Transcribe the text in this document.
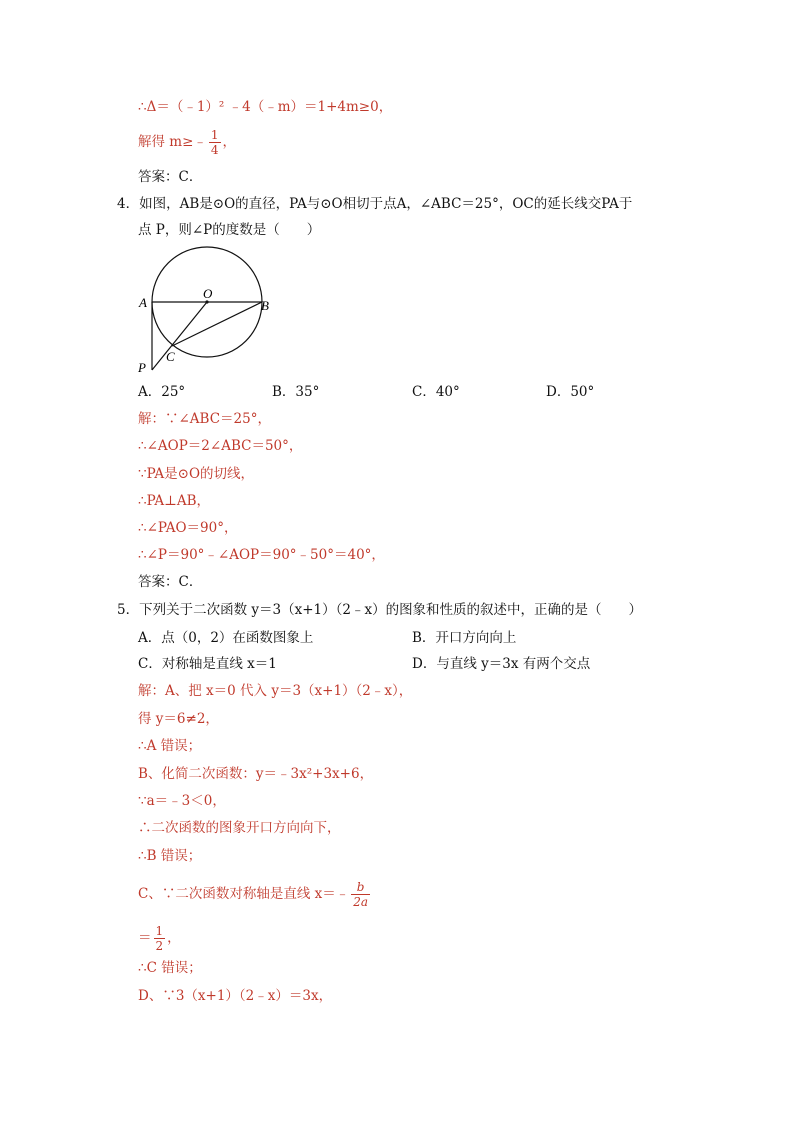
∴Δ＝（﹣1）² ﹣4（﹣m）＝1+4m≥0，
解得 m≥﹣ $\frac{1}{4}$ ，
答案：C．
4．如图，AB是⊙O的直径，PA与⊙O相切于点A，∠ABC＝25°，OC的延长线交PA于
点 P，则∠P的度数是（　　）
O
A	B
C
P
A．25°	B．35°	C．40°	D．50°
解：∵∠ABC＝25°，
∴∠AOP＝2∠ABC＝50°，
∵PA是⊙O的切线，
∴PA⊥AB，
∴∠PAO＝90°，
∴∠P＝90°﹣∠AOP＝90°﹣50°＝40°，
答案：C．
5．下列关于二次函数 y＝3（x+1）（2﹣x）的图象和性质的叙述中，正确的是（　　）
A．点（0，2）在函数图象上	B．开口方向向上
C．对称轴是直线 x＝1	D．与直线 y＝3x 有两个交点
解：A、把 x＝0 代入 y＝3（x+1）（2﹣x），
得 y＝6≠2，
∴A 错误；
B、化简二次函数：y＝﹣3x²+3x+6，
∵a＝﹣3＜0，
∴二次函数的图象开口方向向下，
∴B 错误；
C、∵二次函数对称轴是直线 x＝﹣ $\frac{b}{2a}$
＝ $\frac{1}{2}$ ，
∴C 错误；
D、∵3（x+1）（2﹣x）＝3x，
